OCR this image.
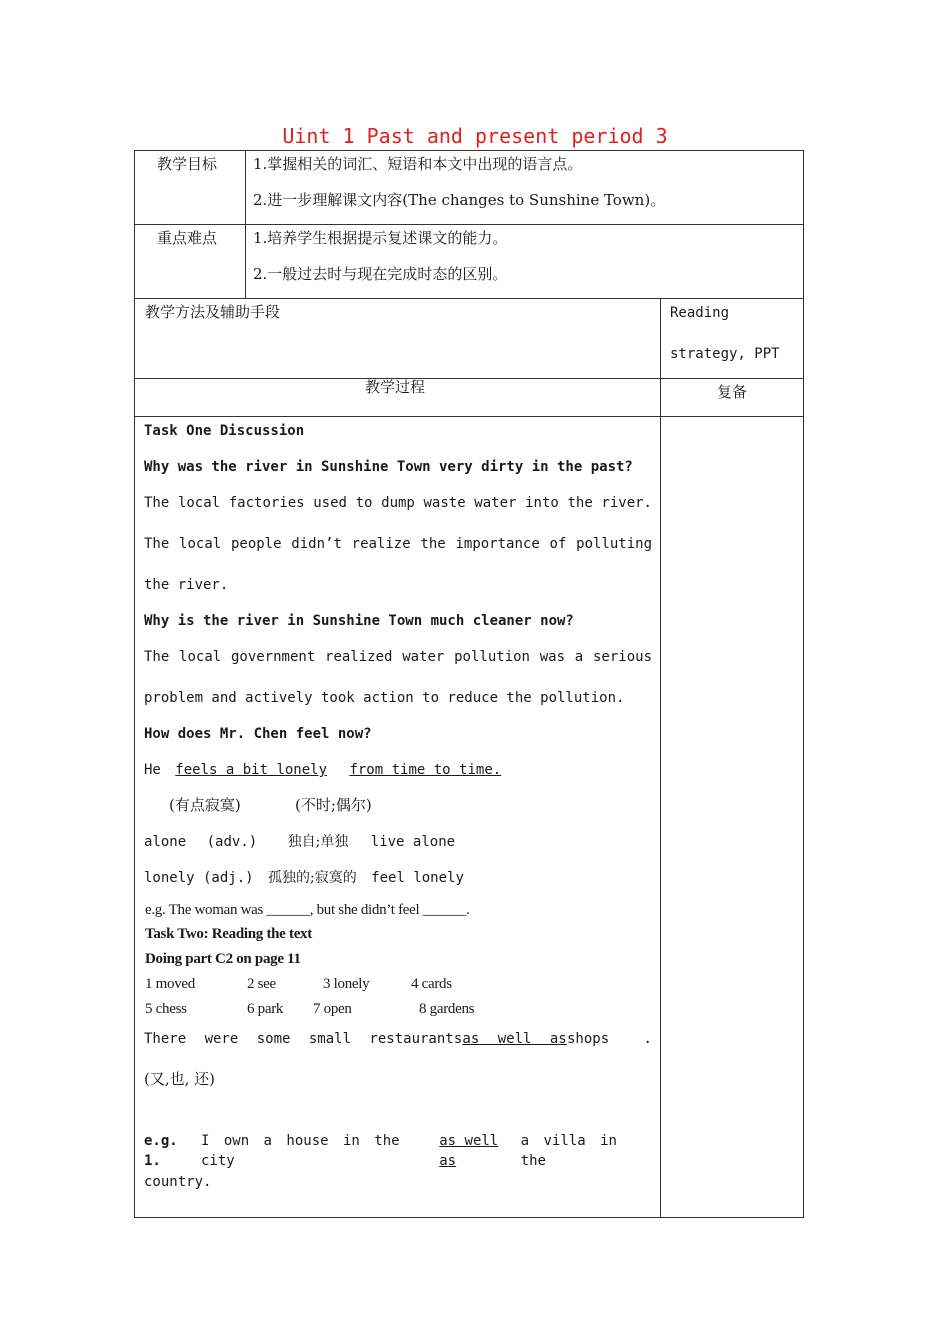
Uint 1 Past and present period 3
教学目标 1.掌握相关的词汇、短语和本文中出现的语言点。
2.进一步理解课文内容(The changes to Sunshine Town)。
重点难点 1.培养学生根据提示复述课文的能力。
2.一般过去时与现在完成时态的区别。
教学方法及辅助手段	Reading
strategy, PPT
教学过程	复备
Task One Discussion
Why was the river in Sunshine Town very dirty in the past?
The local factories used to dump waste water into the river.
The local people didn’t realize the importance of polluting
the river.
Why is the river in Sunshine Town much cleaner now?
The local government realized water pollution was a serious
problem and actively took action to reduce the pollution.
How does Mr. Chen feel now?
He feels a bit lonely from time to time.
(有点寂寞)	(不时;偶尔)
alone (adv.) 独自;单独 live alone
lonely (adj.) 孤独的;寂寞的 feel lonely
e.g. The woman was ______, but she didn’t feel ______.
Task Two: Reading the text
Doing part C2 on page 11
1 moved	2 see	3 lonely	4 cards
5 chess	6 park 7 open	8 gardens
There were some small restaurants as well as shops .
(又,也, 还)
e.g. 1.
I own a house in the city
as well as
a villa in the
country.
